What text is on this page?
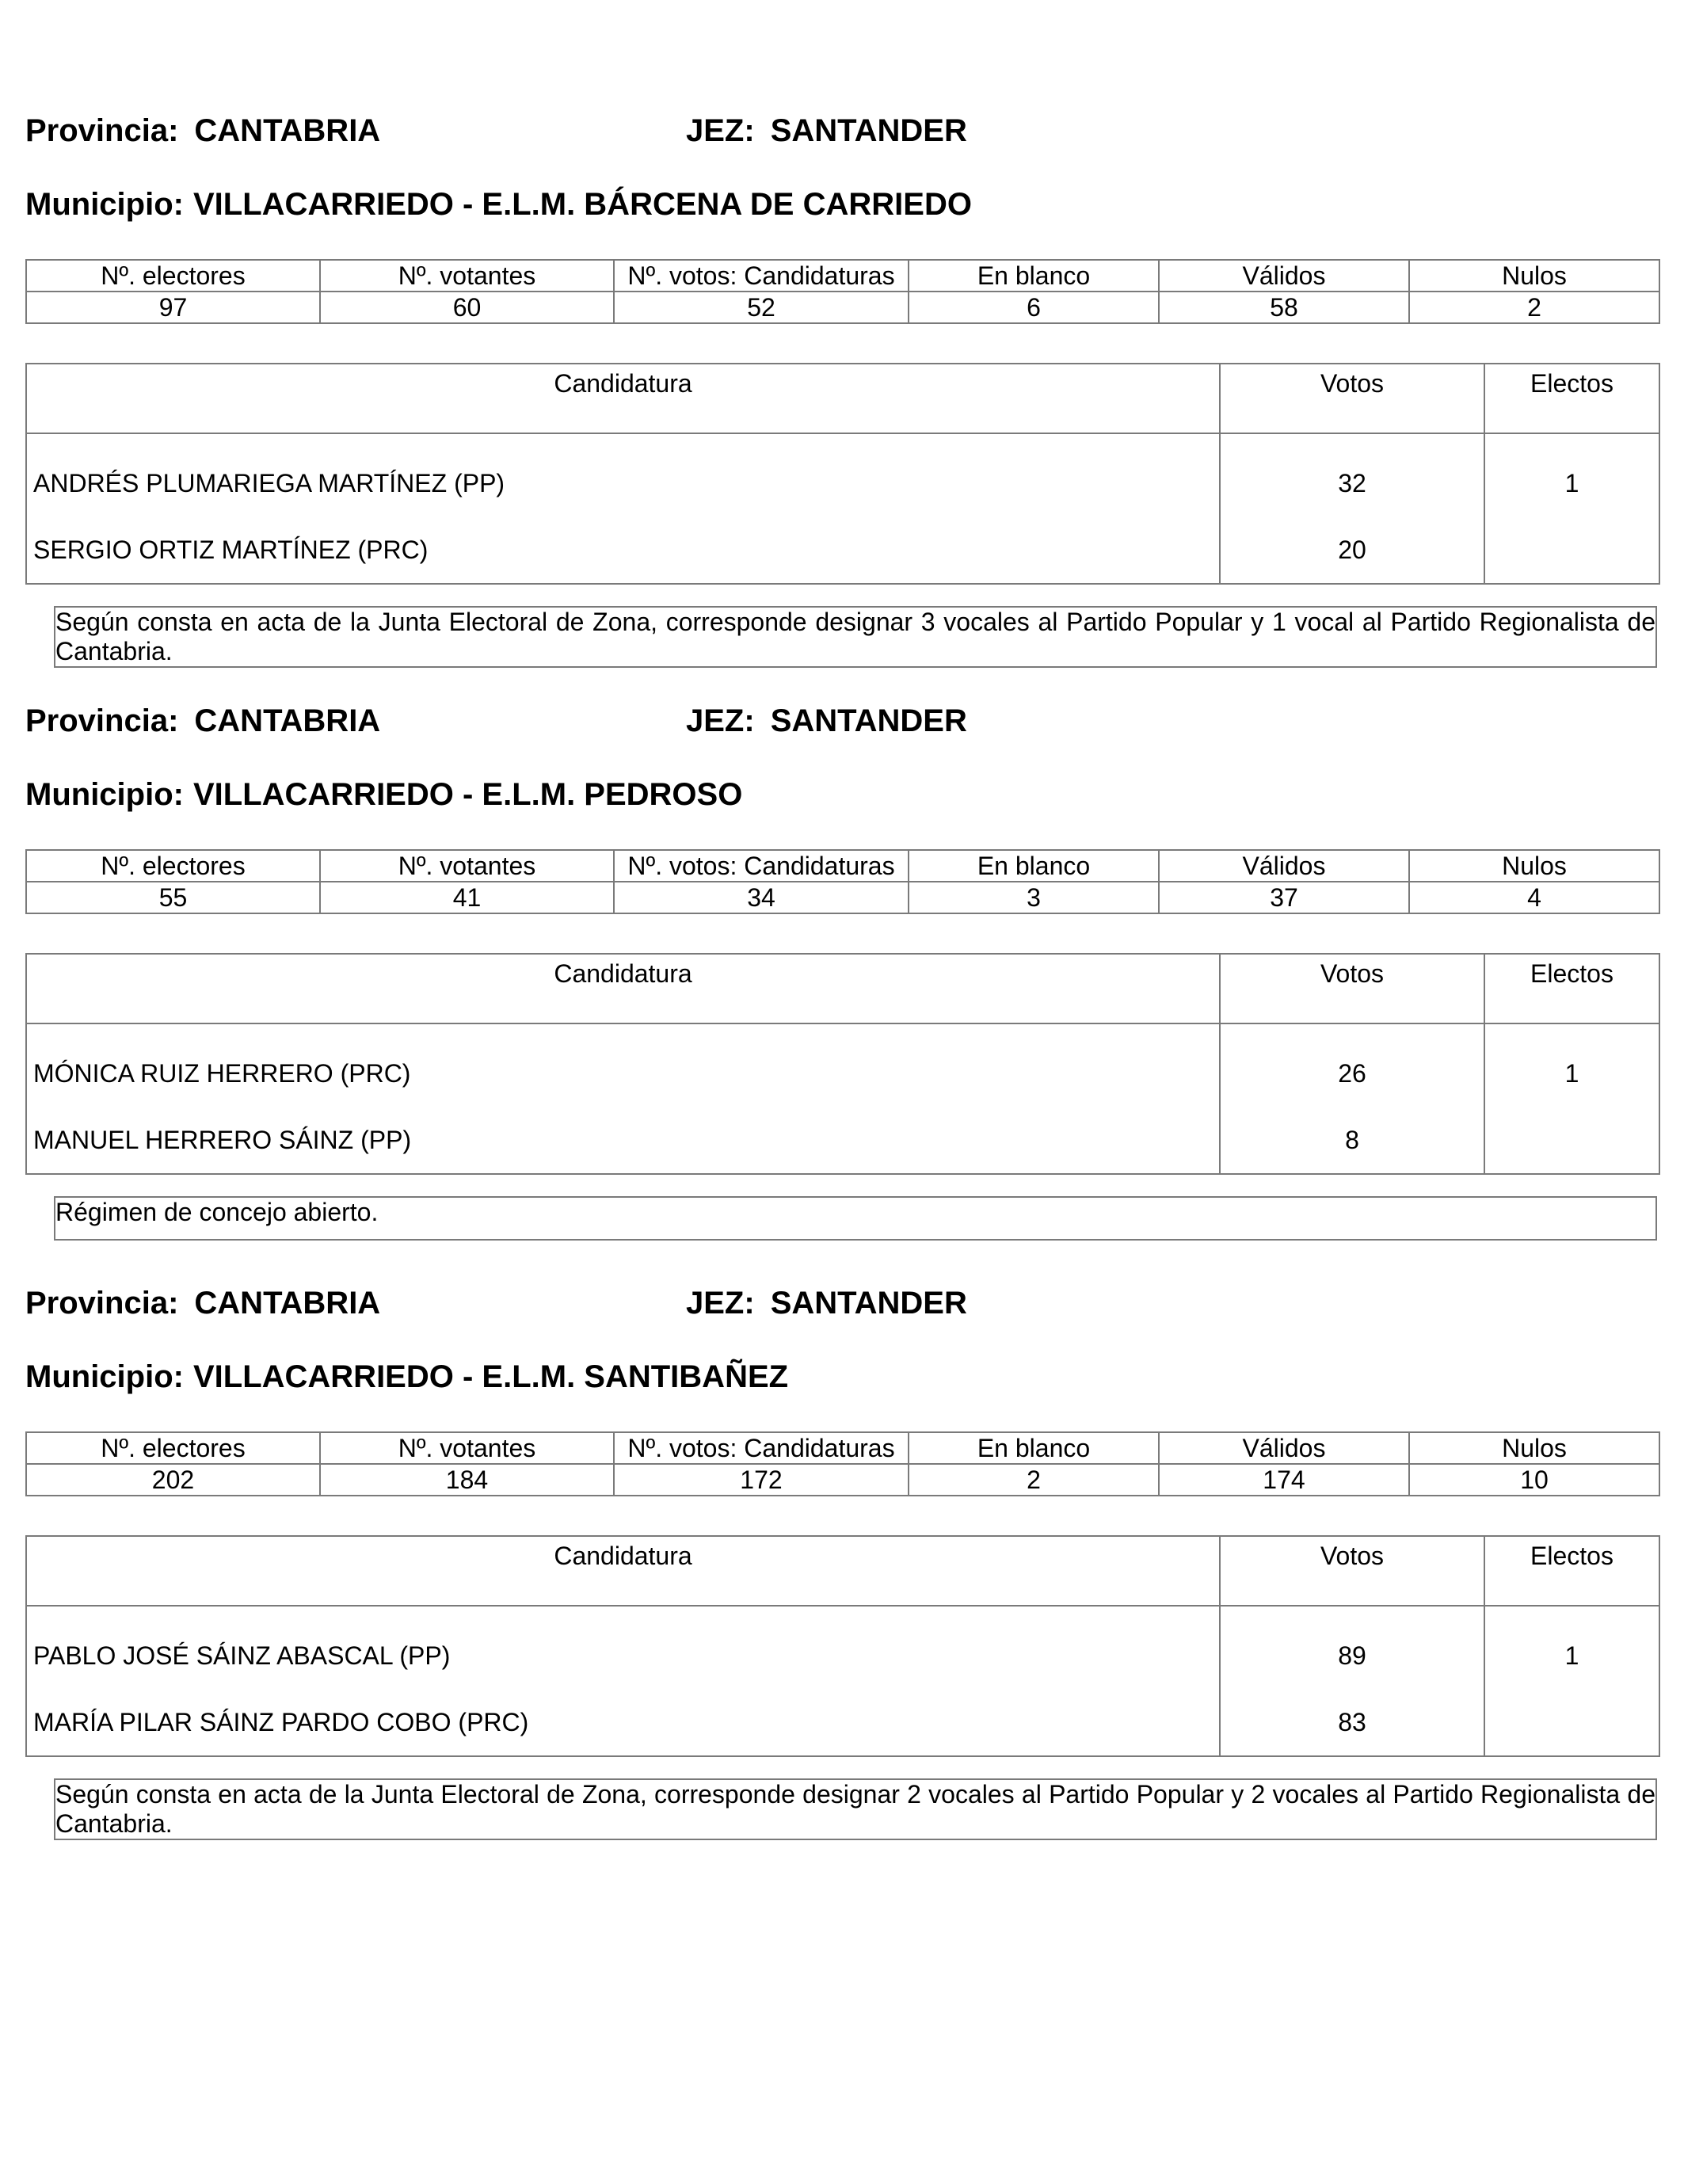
Provincia: CANTABRIA	JEZ: SANTANDER
Municipio: VILLACARRIEDO - E.L.M. BÁRCENA DE CARRIEDO
Nº. electores	Nº. votantes	Nº. votos: Candidaturas	En blanco	Válidos	Nulos
97	60	52	6	58	2
Candidatura	Votos	Electos
ANDRÉS PLUMARIEGA MARTÍNEZ (PP)	32	1
SERGIO ORTIZ MARTÍNEZ (PRC)	20	
Según consta en acta de la Junta Electoral de Zona, corresponde designar 3 vocales al Partido Popular y 1 vocal al Partido Regionalista de Cantabria.
Provincia: CANTABRIA	JEZ: SANTANDER
Municipio: VILLACARRIEDO - E.L.M. PEDROSO
Nº. electores	Nº. votantes	Nº. votos: Candidaturas	En blanco	Válidos	Nulos
55	41	34	3	37	4
Candidatura	Votos	Electos
MÓNICA RUIZ HERRERO (PRC)	26	1
MANUEL HERRERO SÁINZ (PP)	8	
Régimen de concejo abierto.
Provincia: CANTABRIA	JEZ: SANTANDER
Municipio: VILLACARRIEDO - E.L.M. SANTIBAÑEZ
Nº. electores	Nº. votantes	Nº. votos: Candidaturas	En blanco	Válidos	Nulos
202	184	172	2	174	10
Candidatura	Votos	Electos
PABLO JOSÉ SÁINZ ABASCAL (PP)	89	1
MARÍA PILAR SÁINZ PARDO COBO (PRC)	83	
Según consta en acta de la Junta Electoral de Zona, corresponde designar 2 vocales al Partido Popular y 2 vocales al Partido Regionalista de Cantabria.
